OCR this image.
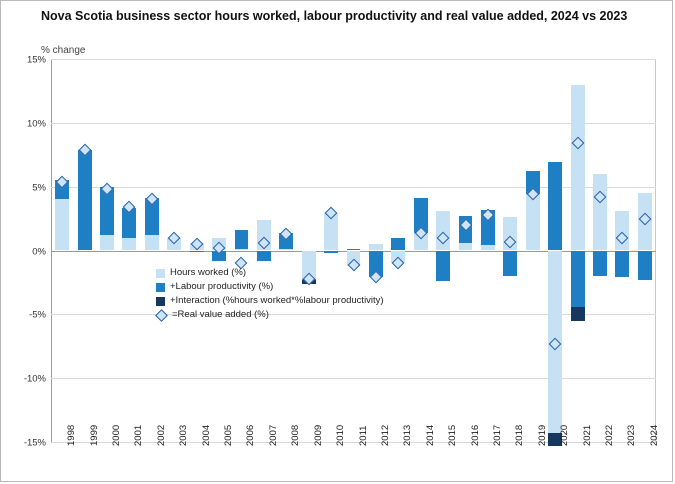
Nova Scotia business sector hours worked, labour productivity and real value added, 2024 vs 2023
% change
15%
10%
5%
0%
-5%
-10%
-15% 1998 1999 2000 2001 2002 2003 2004 2005 2006 2007 2008 2009 2010 2011 2012 2013 2014 2015 2016 2017 2018 2019 2020 2021 2022 2023 2024
Hours worked (%)
+Labour productivity (%)
+Interaction (%hours worked*%labour productivity)
=Real value added (%)
